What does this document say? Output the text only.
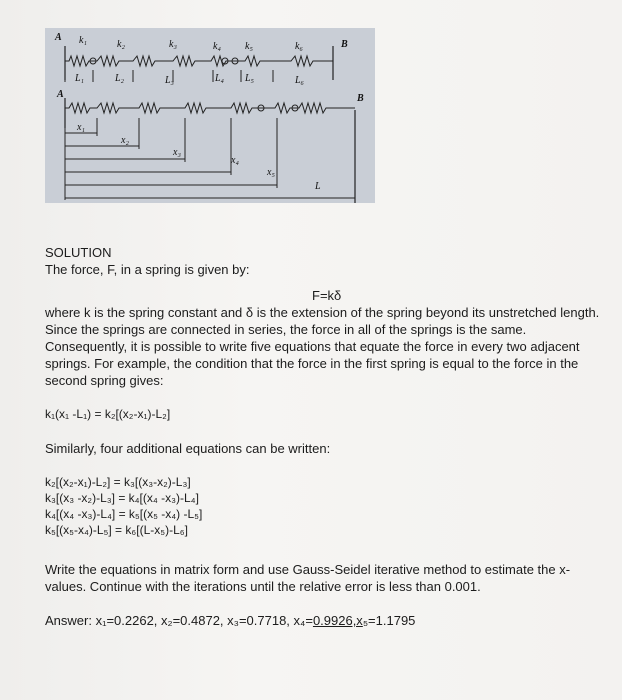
A
B
k₁	k₂	k₃	k₄ k₅	k₆
L₁	L₂	L₃	L₄ L₅	L₆
A	B
x₁
x₂
x₃
x₄
x₅
L
SOLUTION
The force, F, in a spring is given by:
F=kδ
where k is the spring constant and δ is the extension of the spring beyond its unstretched length. Since the springs are connected in series, the force in all of the springs is the same. Consequently, it is possible to write five equations that equate the force in every two adjacent springs. For example, the condition that the force in the first spring is equal to the force in the second spring gives:
k₁(x₁ -L₁) = k₂[(x₂-x₁)-L₂]
Similarly, four additional equations can be written:
k₂[(x₂-x₁)-L₂] = k₃[(x₃-x₂)-L₃]
k₃[(x₃ -x₂)-L₃] = k₄[(x₄ -x₃)-L₄]
k₄[(x₄ -x₃)-L₄] = k₅[(x₅ -x₄) -L₅]
k₅[(x₅-x₄)-L₅] = k₆[(L-x₅)-L₆]
Write the equations in matrix form and use Gauss-Seidel iterative method to estimate the x-values. Continue with the iterations until the relative error is less than 0.001.
Answer: x₁=0.2262, x₂=0.4872, x₃=0.7718, x₄=0.9926,x₅=1.1795
